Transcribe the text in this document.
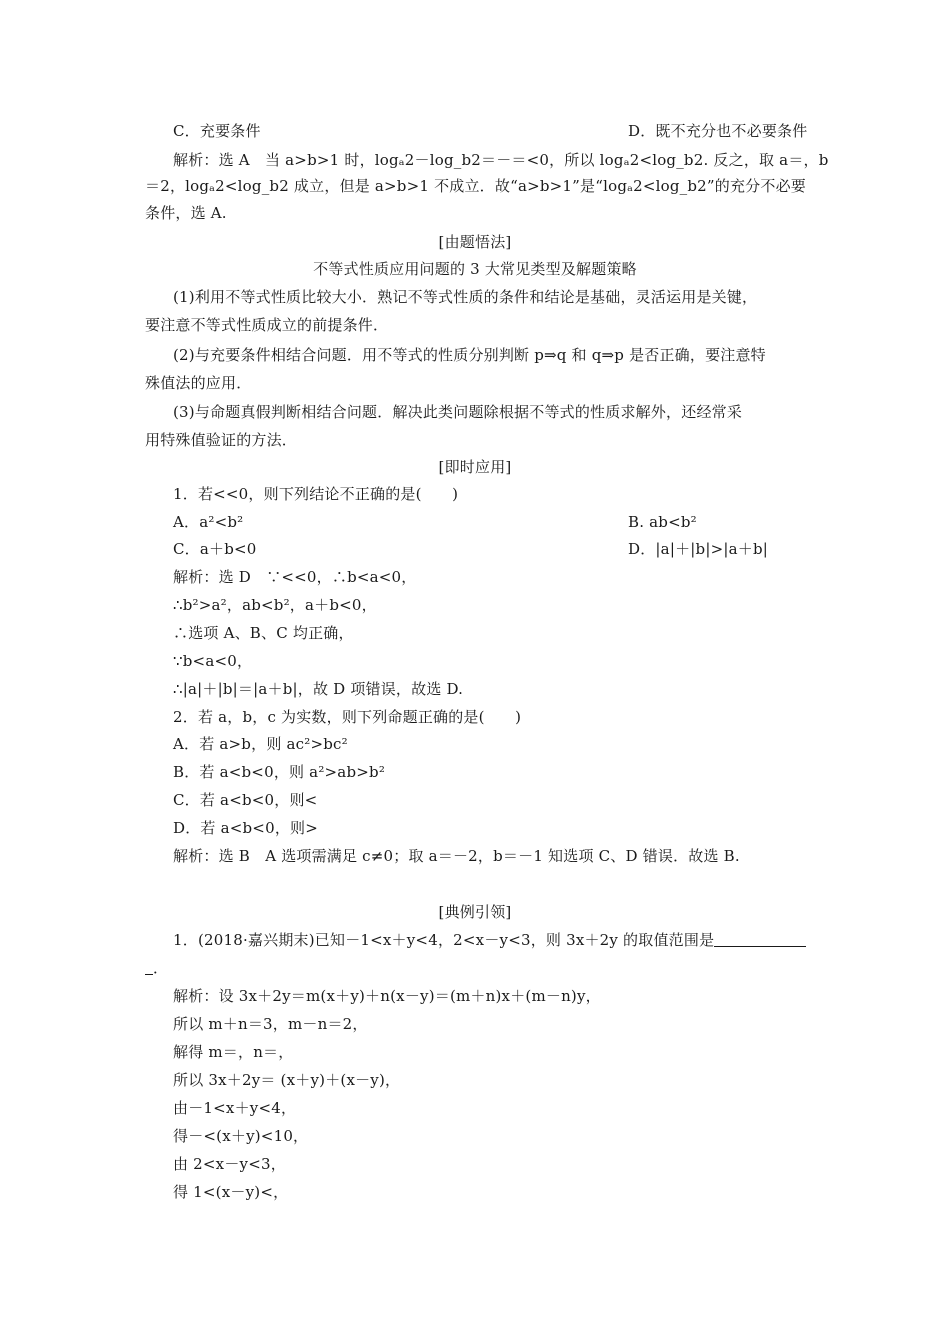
C．充要条件	D．既不充分也不必要条件
解析：选 A　当 a>b>1 时，logₐ2－log_b2＝－＝<0，所以 logₐ2<log_b2. 反之，取 a＝，b
＝2，logₐ2<log_b2 成立，但是 a>b>1 不成立．故“a>b>1”是“logₐ2<log_b2”的充分不必要
条件，选 A.
[由题悟法]
不等式性质应用问题的 3 大常见类型及解题策略
(1)利用不等式性质比较大小．熟记不等式性质的条件和结论是基础，灵活运用是关键，
要注意不等式性质成立的前提条件．
(2)与充要条件相结合问题．用不等式的性质分别判断 p⇒q 和 q⇒p 是否正确，要注意特
殊值法的应用．
(3)与命题真假判断相结合问题．解决此类问题除根据不等式的性质求解外，还经常采
用特殊值验证的方法．
[即时应用]
1．若<<0，则下列结论不正确的是(　　)
A．a²<b²	B. ab<b²
C．a＋b<0	D．|a|＋|b|>|a＋b|
解析：选 D　∵<<0，∴b<a<0，
∴b²>a²，ab<b²，a＋b<0，
∴选项 A、B、C 均正确，
∵b<a<0，
∴|a|＋|b|＝|a＋b|，故 D 项错误，故选 D.
2．若 a，b，c 为实数，则下列命题正确的是(　　)
A．若 a>b，则 ac²>bc²
B．若 a<b<0，则 a²>ab>b²
C．若 a<b<0，则<
D．若 a<b<0，则>
解析：选 B　A 选项需满足 c≠0；取 a＝－2，b＝－1 知选项 C、D 错误．故选 B.
[典例引领]
1．(2018·嘉兴期末)已知－1<x＋y<4，2<x－y<3，则 3x＋2y 的取值范围是
．
解析：设 3x＋2y＝m(x＋y)＋n(x－y)＝(m＋n)x＋(m－n)y，
所以 m＋n＝3，m－n＝2，
解得 m＝，n＝，
所以 3x＋2y＝ (x＋y)＋(x－y)，
由－1<x＋y<4，
得－<(x＋y)<10，
由 2<x－y<3，
得 1<(x－y)<，
